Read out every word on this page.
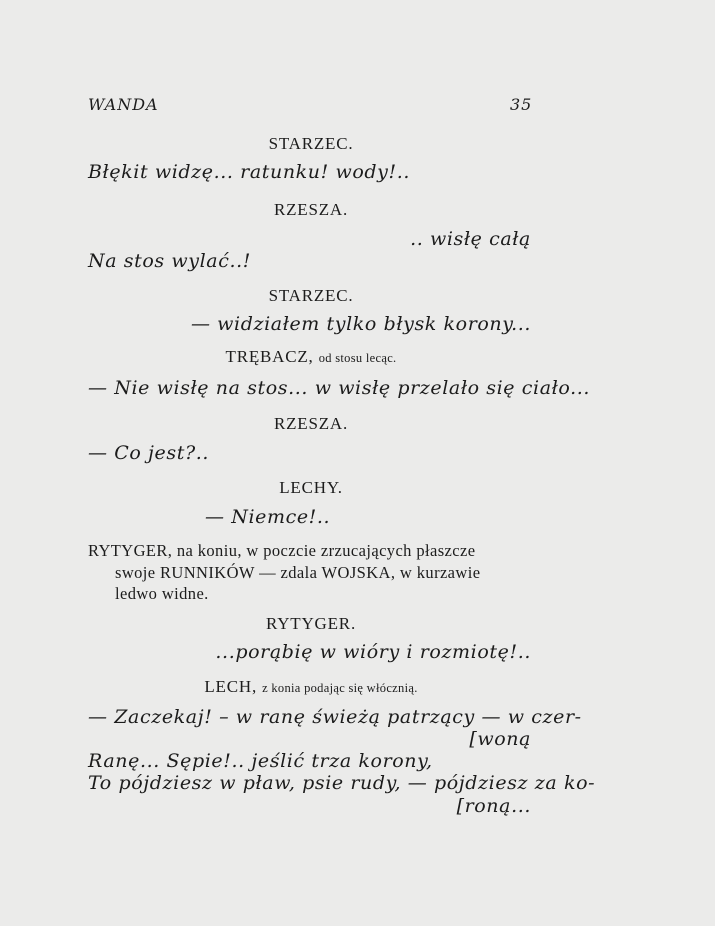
WANDA	35
STARZEC.
Błękit widzę... ratunku! wody!..
RZESZA.
.. wisłę całą
Na stos wylać..!
STARZEC.
— widziałem tylko błysk korony...
TRĘBACZ, od stosu lecąc.
— Nie wisłę na stos... w wisłę przelało się ciało...
RZESZA.
— Co jest?..
LECHY.
— Niemce!..
RYTYGER, na koniu, w poczcie zrzucających płaszcze
swoje RUNNIKÓW — zdala WOJSKA, w kurzawie
ledwo widne.
RYTYGER.
...porąbię w wióry i rozmiotę!..
LECH, z konia podając się włócznią.
— Zaczekaj! – w ranę świeżą patrzący — w czer-
[woną
Ranę... Sępie!.. jeślić trza korony,
To pójdziesz w pław, psie rudy, — pójdziesz za ko-
[roną...
